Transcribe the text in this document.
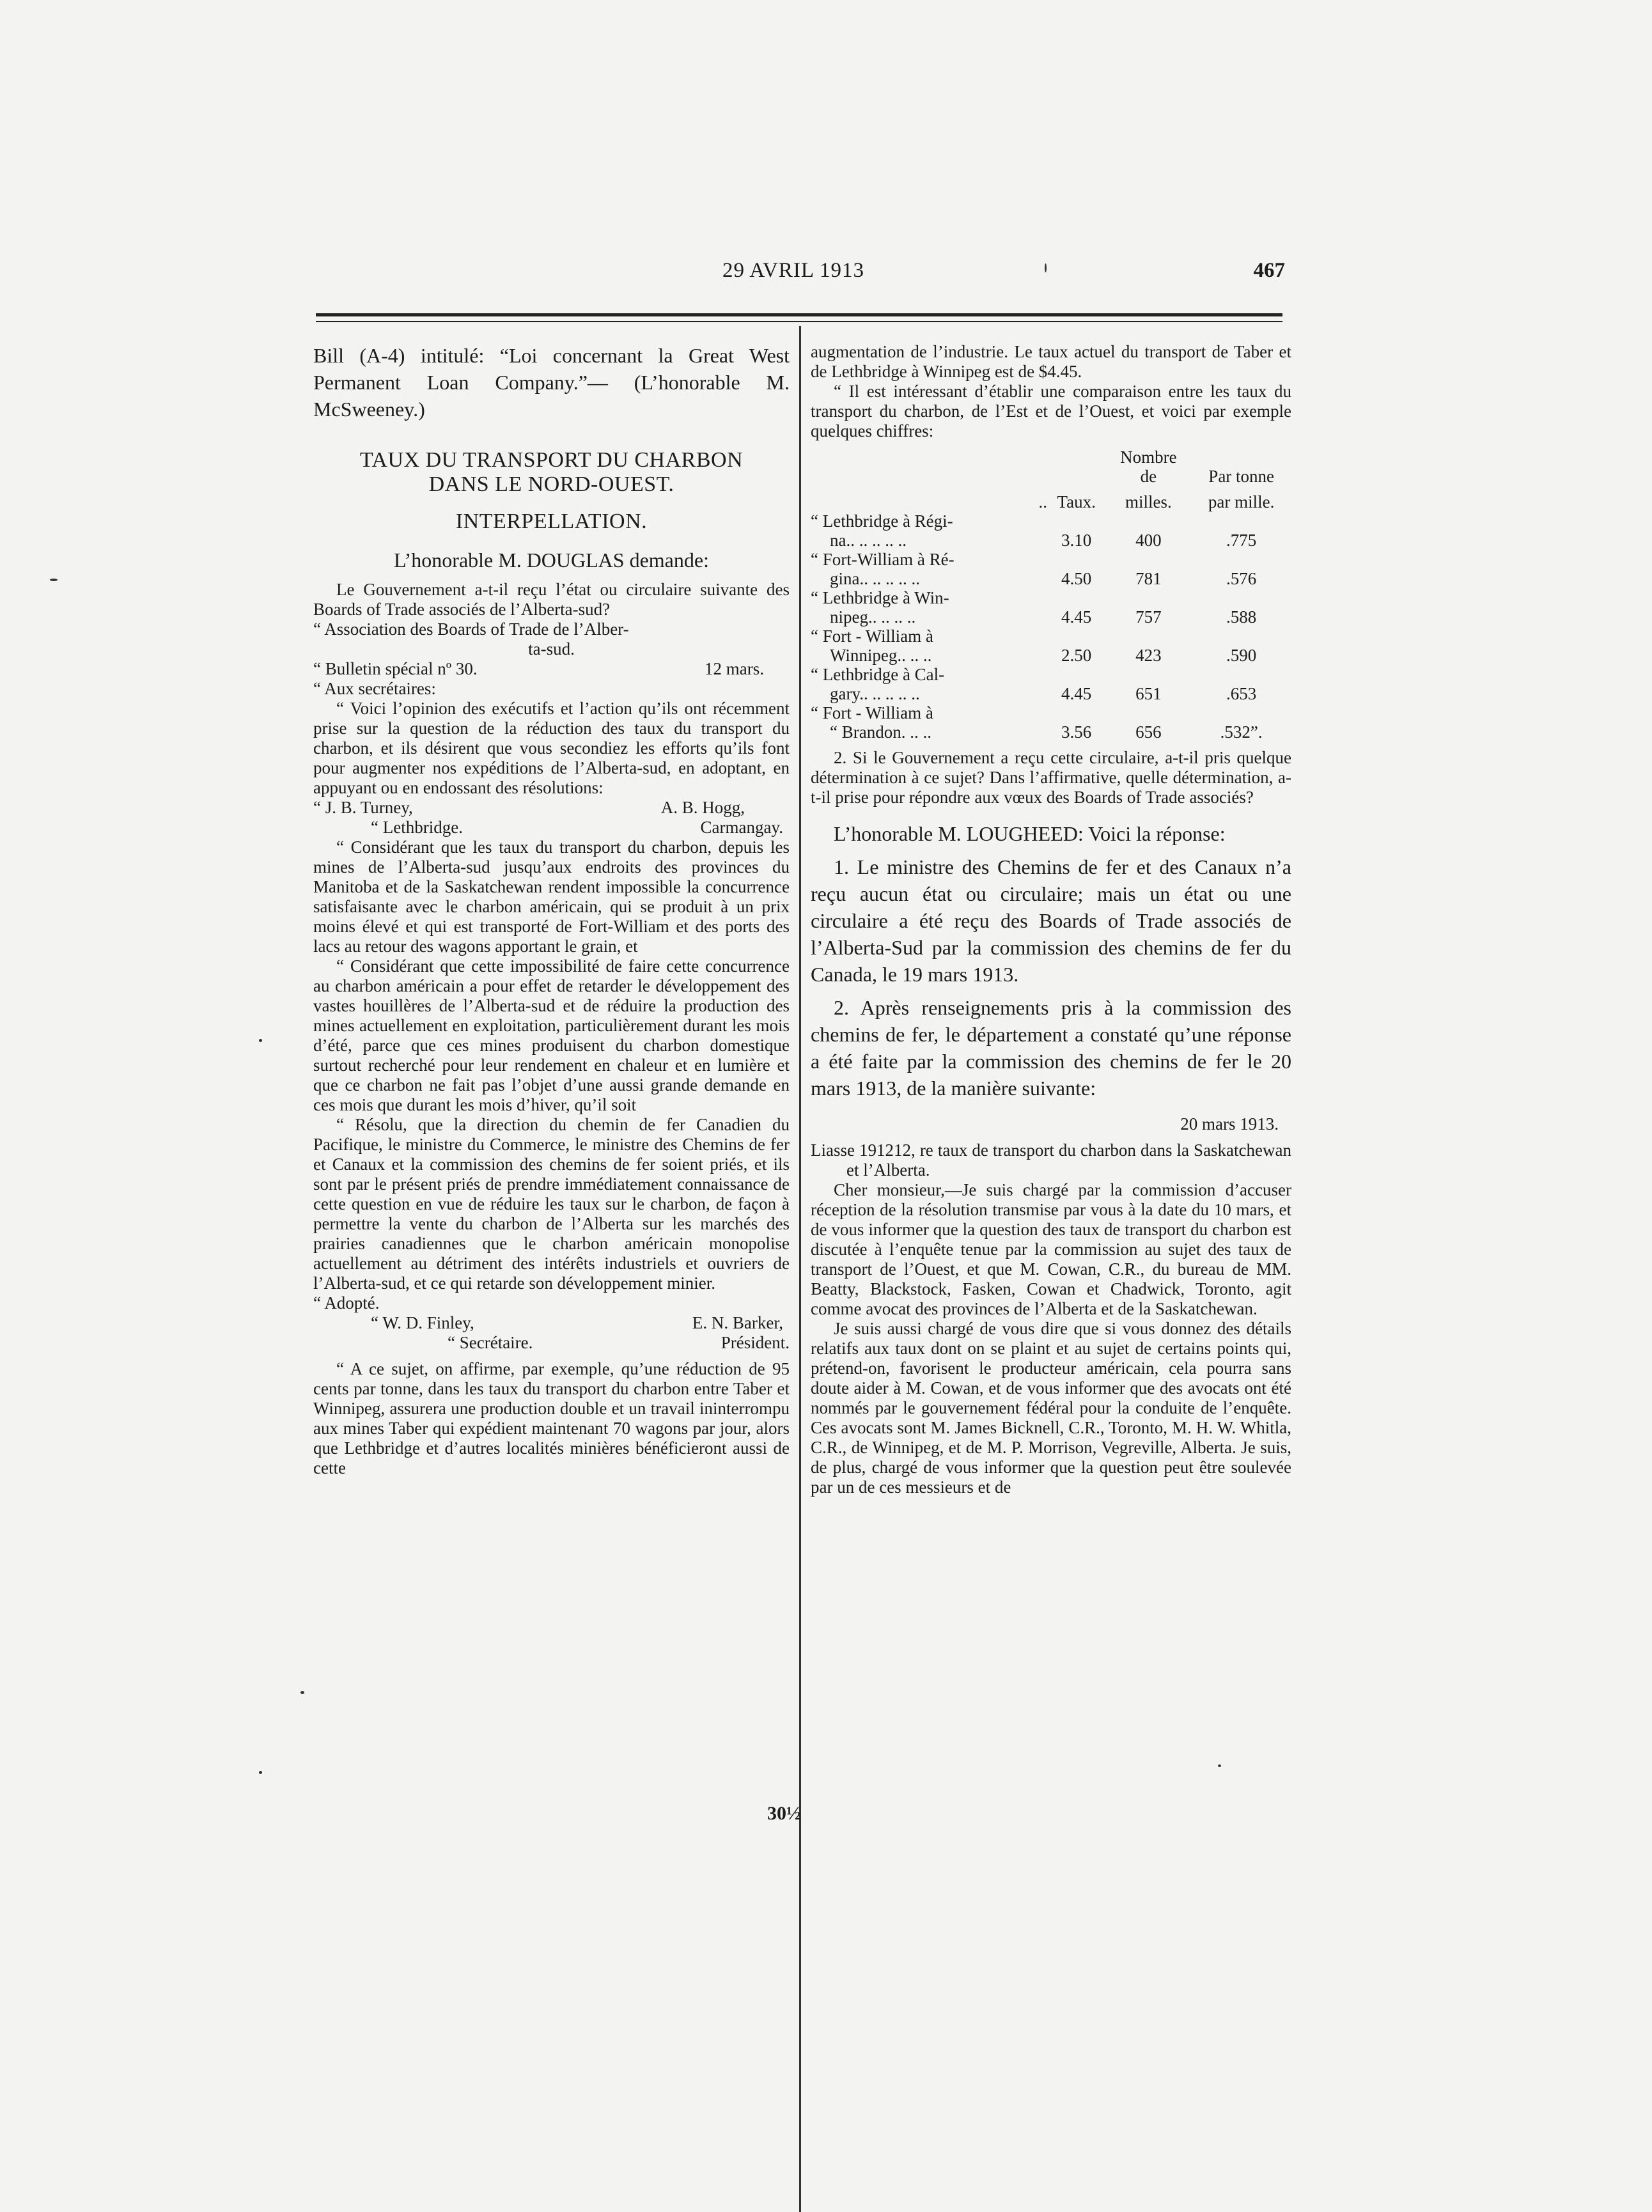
29 AVRIL 1913	467

Bill (A-4) intitulé: “Loi concernant la Great West Permanent Loan Company.”— (L’honorable M. McSweeney.)

TAUX DU TRANSPORT DU CHARBON

DANS LE NORD-OUEST.

INTERPELLATION.

L’honorable M. DOUGLAS demande:

Le Gouvernement a-t-il reçu l’état ou circulaire suivante des Boards of Trade associés de l’Alberta-sud?

“ Association des Boards of Trade de l’Alber-

ta-sud.

“ Bulletin spécial nº 30.	12 mars.

“ Aux secrétaires:

“ Voici l’opinion des exécutifs et l’action qu’ils ont récemment prise sur la question de la réduction des taux du transport du charbon, et ils désirent que vous secondiez les efforts qu’ils font pour augmenter nos expéditions de l’Alberta-sud, en adoptant, en appuyant ou en endossant des résolutions:

“ J. B. Turney,	A. B. Hogg,
“ Lethbridge.	Carmangay.

“ Considérant que les taux du transport du charbon, depuis les mines de l’Alberta-sud jusqu’aux endroits des provinces du Manitoba et de la Saskatchewan rendent impossible la concurrence satisfaisante avec le charbon américain, qui se produit à un prix moins élevé et qui est transporté de Fort-William et des ports des lacs au retour des wagons apportant le grain, et

“ Considérant que cette impossibilité de faire cette concurrence au charbon américain a pour effet de retarder le développement des vastes houillères de l’Alberta-sud et de réduire la production des mines actuellement en exploitation, particulièrement durant les mois d’été, parce que ces mines produisent du charbon domestique surtout recherché pour leur rendement en chaleur et en lumière et que ce charbon ne fait pas l’objet d’une aussi grande demande en ces mois que durant les mois d’hiver, qu’il soit

“ Résolu, que la direction du chemin de fer Canadien du Pacifique, le ministre du Commerce, le ministre des Chemins de fer et Canaux et la commission des chemins de fer soient priés, et ils sont par le présent priés de prendre immédiatement connaissance de cette question en vue de réduire les taux sur le charbon, de façon à permettre la vente du charbon de l’Alberta sur les marchés des prairies canadiennes que le charbon américain monopolise actuellement au détriment des intérêts industriels et ouvriers de l’Alberta-sud, et ce qui retarde son développement minier.

“ Adopté.

“ W. D. Finley,	E. N. Barker,
“ Secrétaire.	Président.

“ A ce sujet, on affirme, par exemple, qu’une réduction de 95 cents par tonne, dans les taux du transport du charbon entre Taber et Winnipeg, assurera une production double et un travail ininterrompu aux mines Taber qui expédient maintenant 70 wagons par jour, alors que Lethbridge et d’autres localités minières bénéficieront aussi de cette

30½

augmentation de l’industrie. Le taux actuel du transport de Taber et de Lethbridge à Winnipeg est de $4.45.

“ Il est intéressant d’établir une comparaison entre les taux du transport du charbon, de l’Est et de l’Ouest, et voici par exemple quelques chiffres:

		Nombre	
		de	Par tonne
..	Taux.	milles.	par mille.
“ Lethbridge à Régi-			
na.. .. .. .. ..	3.10	400	.775
“ Fort-William à Ré-			
gina.. .. .. .. ..	4.50	781	.576
“ Lethbridge à Win-			
nipeg.. .. .. ..	4.45	757	.588
“ Fort - William à			
Winnipeg.. .. ..	2.50	423	.590
“ Lethbridge à Cal-			
gary.. .. .. .. ..	4.45	651	.653
“ Fort - William à			
“ Brandon. .. ..	3.56	656	.532”.

2. Si le Gouvernement a reçu cette circulaire, a-t-il pris quelque détermination à ce sujet? Dans l’affirmative, quelle détermination, a-t-il prise pour répondre aux vœux des Boards of Trade associés?

L’honorable M. LOUGHEED: Voici la réponse:

1. Le ministre des Chemins de fer et des Canaux n’a reçu aucun état ou circulaire; mais un état ou une circulaire a été reçu des Boards of Trade associés de l’Alberta-Sud par la commission des chemins de fer du Canada, le 19 mars 1913.

2. Après renseignements pris à la commission des chemins de fer, le département a constaté qu’une réponse a été faite par la commission des chemins de fer le 20 mars 1913, de la manière suivante:

20 mars 1913.

Liasse 191212, re taux de transport du charbon dans la Saskatchewan et l’Alberta.

Cher monsieur,—Je suis chargé par la commission d’accuser réception de la résolution transmise par vous à la date du 10 mars, et de vous informer que la question des taux de transport du charbon est discutée à l’enquête tenue par la commission au sujet des taux de transport de l’Ouest, et que M. Cowan, C.R., du bureau de MM. Beatty, Blackstock, Fasken, Cowan et Chadwick, Toronto, agit comme avocat des provinces de l’Alberta et de la Saskatchewan.

Je suis aussi chargé de vous dire que si vous donnez des détails relatifs aux taux dont on se plaint et au sujet de certains points qui, prétend-on, favorisent le producteur américain, cela pourra sans doute aider à M. Cowan, et de vous informer que des avocats ont été nommés par le gouvernement fédéral pour la conduite de l’enquête. Ces avocats sont M. James Bicknell, C.R., Toronto, M. H. W. Whitla, C.R., de Winnipeg, et de M. P. Morrison, Vegreville, Alberta. Je suis, de plus, chargé de vous informer que la question peut être soulevée par un de ces messieurs et de
